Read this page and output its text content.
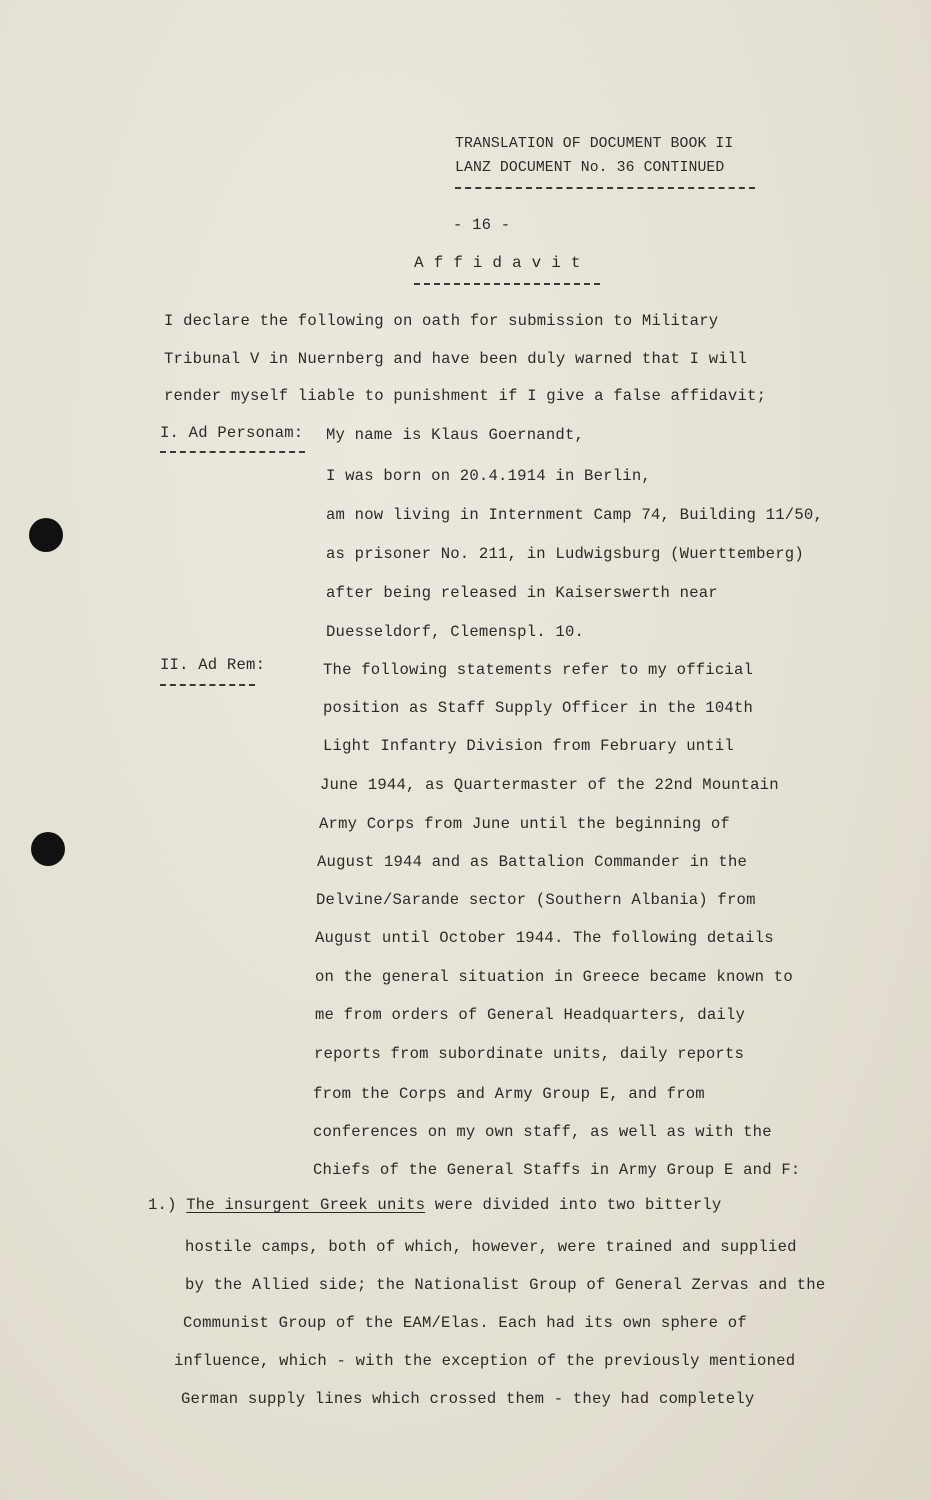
TRANSLATION OF DOCUMENT BOOK II
LANZ DOCUMENT No. 36 CONTINUED
- 16 -
A f f i d a v i t
I declare the following on oath for submission to Military
Tribunal V in Nuernberg and have been duly warned that I will
render myself liable to punishment if I give a false affidavit;
I. Ad Personam: My name is Klaus Goernandt,
I was born on 20.4.1914 in Berlin,
am now living in Internment Camp 74, Building 11/50,
as prisoner No. 211, in Ludwigsburg (Wuerttemberg)
after being released in Kaiserswerth near
Duesseldorf, Clemenspl. 10.
II. Ad Rem:	The following statements refer to my official
position as Staff Supply Officer in the 104th
Light Infantry Division from February until
June 1944, as Quartermaster of the 22nd Mountain
Army Corps from June until the beginning of
August 1944 and as Battalion Commander in the
Delvine/Sarande sector (Southern Albania) from
August until October 1944. The following details
on the general situation in Greece became known to
me from orders of General Headquarters, daily
reports from subordinate units, daily reports
from the Corps and Army Group E, and from
conferences on my own staff, as well as with the
Chiefs of the General Staffs in Army Group E and F:
1.) The insurgent Greek units were divided into two bitterly
hostile camps, both of which, however, were trained and supplied
by the Allied side; the Nationalist Group of General Zervas and the
Communist Group of the EAM/Elas. Each had its own sphere of
influence, which - with the exception of the previously mentioned
German supply lines which crossed them - they had completely
